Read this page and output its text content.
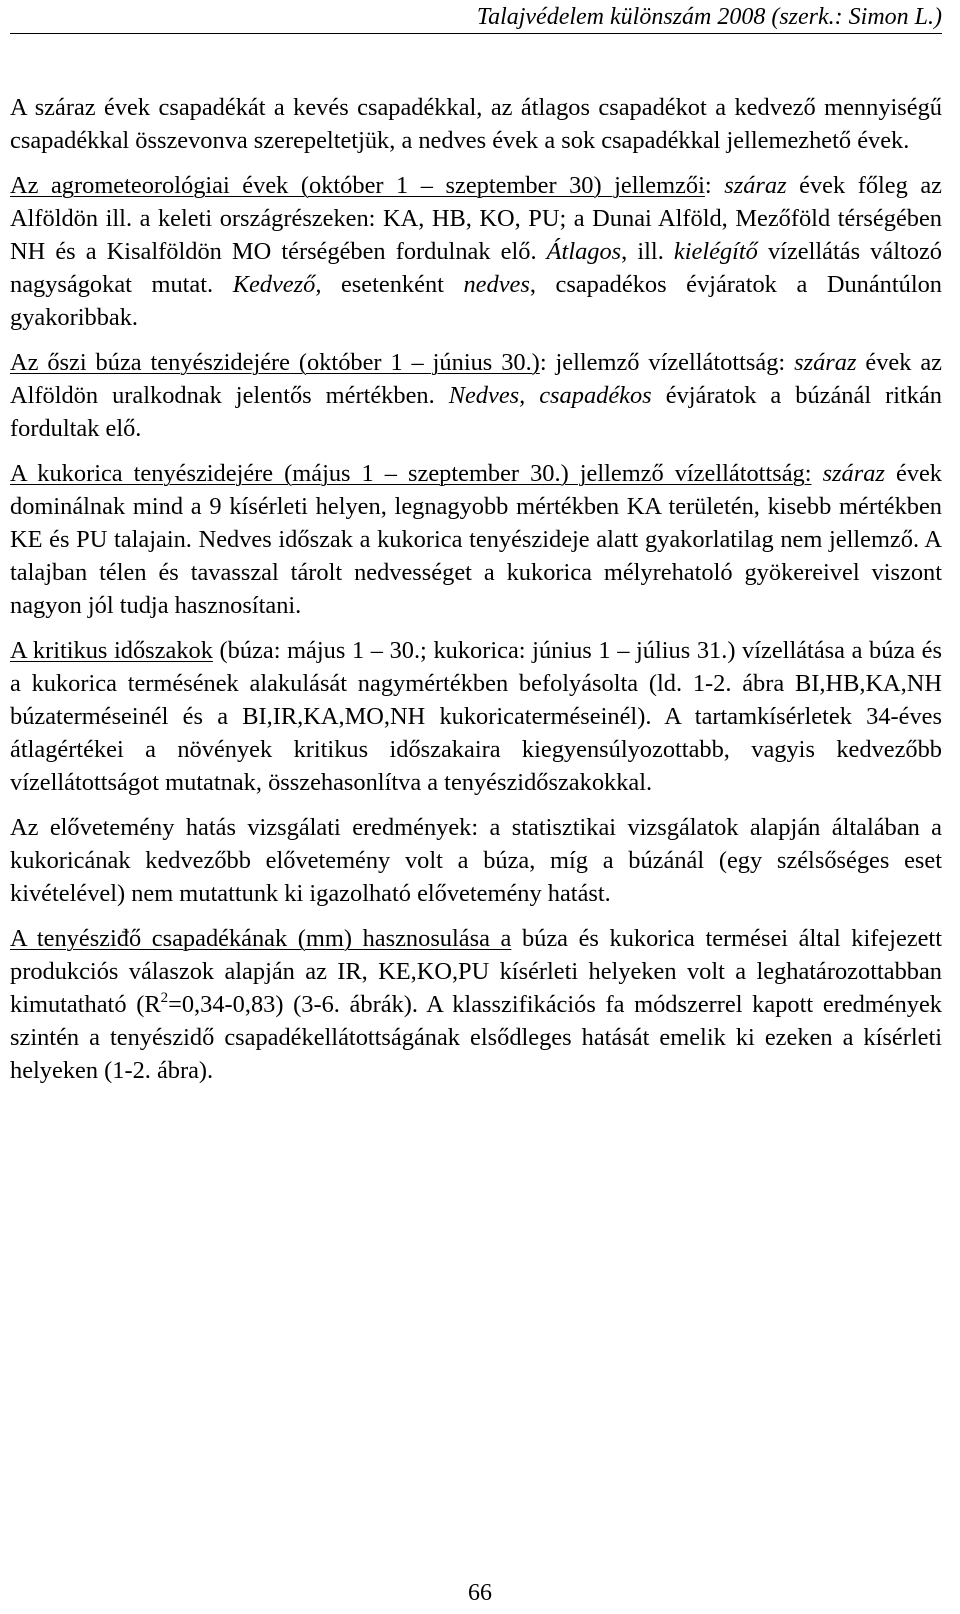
Talajvédelem különszám 2008 (szerk.: Simon L.)

A száraz évek csapadékát a kevés csapadékkal, az átlagos csapadékot a kedvező mennyiségű csapadékkal összevonva szerepeltetjük, a nedves évek a sok csapadékkal jellemezhető évek.

Az agrometeorológiai évek (október 1 – szeptember 30) jellemzői: száraz évek főleg az Alföldön ill. a keleti országrészeken: KA, HB, KO, PU; a Dunai Alföld, Mezőföld térségében NH és a Kisalföldön MO térségében fordulnak elő. Átlagos, ill. kielégítő vízellátás változó nagyságokat mutat. Kedvező, esetenként nedves, csapadékos évjáratok a Dunántúlon gyakoribbak.

Az őszi búza tenyészidejére (október 1 – június 30.): jellemző vízellátottság: száraz évek az Alföldön uralkodnak jelentős mértékben. Nedves, csapadékos évjáratok a búzánál ritkán fordultak elő.

A kukorica tenyészidejére (május 1 – szeptember 30.) jellemző vízellátottság: száraz évek dominálnak mind a 9 kísérleti helyen, legnagyobb mértékben KA területén, kisebb mértékben KE és PU talajain. Nedves időszak a kukorica tenyészideje alatt gyakorlatilag nem jellemző. A talajban télen és tavasszal tárolt nedvességet a kukorica mélyrehatoló gyökereivel viszont nagyon jól tudja hasznosítani.

A kritikus időszakok (búza: május 1 – 30.; kukorica: június 1 – július 31.) vízellátása a búza és a kukorica termésének alakulását nagymértékben befolyásolta (ld. 1-2. ábra BI,HB,KA,NH búzaterméseinél és a BI,IR,KA,MO,NH kukoricaterméseinél). A tartamkísérletek 34-éves átlagértékei a növények kritikus időszakaira kiegyensúlyozottabb, vagyis kedvezőbb vízellátottságot mutatnak, összehasonlítva a tenyészidőszakokkal.

Az elővetemény hatás vizsgálati eredmények: a statisztikai vizsgálatok alapján általában a kukoricának kedvezőbb elővetemény volt a búza, míg a búzánál (egy szélsőséges eset kivételével) nem mutattunk ki igazolható elővetemény hatást.

A tenyésziđő csapadékának (mm) hasznosulása a búza és kukorica termései által kifejezett produkciós válaszok alapján az IR, KE,KO,PU kísérleti helyeken volt a leghatározottabban kimutatható $(R^2=0,34-0,83)$ (3-6. ábrák). A klasszifikációs fa módszerrel kapott eredmények szintén a tenyészidő csapadékellátottságának elsődleges hatását emelik ki ezeken a kísérleti helyeken (1-2. ábra).

66
